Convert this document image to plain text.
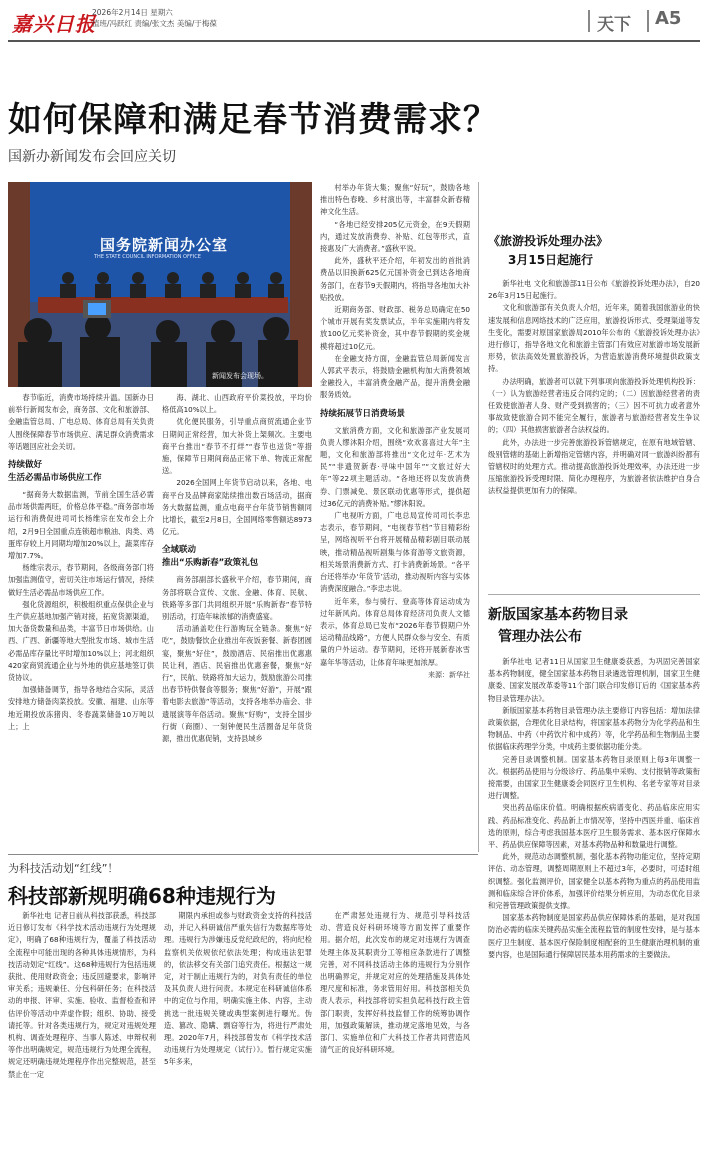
嘉兴日报
2026年2月14日 星期六
值班/冯跃红 责编/张文杰 美编/于梅葆	天下 A5
如何保障和满足春节消费需求？
国新办新闻发布会回应关切
国务院新闻办公室
THE STATE COUNCIL INFORMATION OFFICE
新闻发布会现场。

春节临近，消费市场持续升温。国新办日前举行新闻发布会，商务部、文化和旅游部、金融监管总局、广电总局、体育总局有关负责人围绕保障春节市场供应、满足群众消费需求等话题回应社会关切。

持续做好
生活必需品市场供应工作

“据商务大数据监测，节前全国生活必需品市场供需两旺，价格总体平稳。”商务部市场运行和消费促进司司长杨维宗在发布会上介绍，2月9日全国重点连锁超市粮油、肉类、鸡蛋库存较上月同期均增加20%以上，蔬菜库存增加7.7%。

杨维宗表示，春节期间，各级商务部门将加强监测值守，密切关注市场运行情况，持续做好生活必需品市场供应工作。

强化货源组织，积极组织重点保供企业与生产供应基地加强产销对接，拓宽货源渠道，加大备货数量和品类，丰富节日市场供给。山西、广西、新疆等地大型批发市场、城市生活必需品库存量比平时增加10%以上；河北组织420家商贸流通企业与外地的供应基地签订供货协议。

加强储备调节，指导各地结合实际，灵活安排地方储备肉菜投放。安徽、福建、山东等地近期投放冻猪肉、冬春蔬菜储备10万吨以上；上

海、湖北、山西政府平价菜投放，平均价格低高10%以上。

优化便民服务，引导重点商贸流通企业节日期间正常经营，加大补货上架频次。主要电商平台推出“春节不打烊”“春节也送货”等措施，保障节日期间商品正常下单、物流正常配送。

2026全国网上年货节启动以来，各地、电商平台及品牌商家陆续推出数百场活动，据商务大数据监测，重点电商平台年货节销售额同比增长，截至2月8日，全国网络零售额达8973亿元。

全域联动
推出“乐购新春”政策礼包

商务部副部长盛秋平介绍，春节期间，商务部将联合宣传、文旅、金融、体育、民航、铁路等多部门共同组织开展“乐购新春”春节特别活动，打造年味浓郁的消费盛宴。

活动涵盖吃住行游购玩全链条。聚焦“好吃”，鼓励餐饮企业推出年夜饭套餐、新春团圆宴，聚焦“好住”，鼓励酒店、民宿推出优惠惠民让利，酒店、民宿推出优惠套餐，聚焦“好行”，民航、铁路将加大运力，鼓励旅游公司推出春节特供餐食等服务；聚焦“好游”，开展“跟着电影去旅游”等活动，支持各地举办庙会、非遗展演等年俗活动。聚焦“好购”，支持全国步行街（商圈）、一刻钟便民生活圈备足年货货源，推出优惠促销，支持县域乡

村举办年货大集；聚焦“好玩”，鼓励各地推出特色春晚、乡村演出等，丰富群众新春精神文化生活。

“各地已经安排205亿元资金，在9天假期内，通过发放消费券、补贴、红包等形式，直接惠及广大消费者。”盛秋平说。

此外，盛秋平还介绍，年初发出的首批消费品以旧换新625亿元国补资金已到达各地商务部门，在春节9天假期内，将指导各地加大补贴投放。

近期商务部、财政部、税务总局确定在50个城市开展有奖发票试点，半年实施期内将发放100亿元奖补资金，其中春节假期的奖金规模将超过10亿元。

在金融支持方面，金融监管总局新闻发言人郭武平表示，将鼓励金融机构加大消费领域金融投入，丰富消费金融产品，提升消费金融服务质效。

持续拓展节日消费场景

文旅消费方面，文化和旅游部产业发展司负责人缪沐阳介绍，围绕“欢欢喜喜过大年”主题，文化和旅游部将推出“文化过年·艺术为民”“非遗贺新春·寻味中国年”“文旅过好大年”等22项主题活动。“各地还将以发放消费券、门票减免、景区联动优惠等形式，提供超过36亿元的消费补贴。”缪沐阳说。

广电视听方面，广电总局宣传司司长李忠志表示，春节期间，“电视春节档”节目精彩纷呈，网络视听平台将开展精品精彩剧目联动展映，推动精品视听剧集与体育游等文旅资源，相关场景消费新方式、打卡消费新场景。“各平台还将举办‘年货节’活动，推动视听内容与实体消费深度融合。”李忠志说。

近年来，参与骑行、登高等体育运动成为过年新风尚。体育总局体育经济司负责人文德表示，体育总局已发布“2026年春节假期户外运动精品线路”，方便人民群众参与安全、有质量的户外运动。春节期间，还将开展新春冰雪嘉年华等活动，让体育年味更加浓厚。

来源：新华社
《旅游投诉处理办法》
3月15日起施行

新华社电 文化和旅游部11日公布《旅游投诉处理办法》，自2026年3月15日起施行。

文化和旅游部有关负责人介绍，近年来，随着我国旅游业的快速发展和信息网络技术的广泛应用，旅游投诉形式、受理渠道等发生变化，需要对原国家旅游局2010年公布的《旅游投诉处理办法》进行修订，指导各地文化和旅游主管部门有效应对旅游市场发展新形势，依法高效处置旅游投诉，为营造旅游消费环境提供政策支持。

办法明确，旅游者可以就下列事项向旅游投诉处理机构投诉：（一）认为旅游经营者违反合同约定的；（二）因旅游经营者的责任致使旅游者人身、财产受到损害的；（三）因不可抗力或者意外事故致使旅游合同不能完全履行，旅游者与旅游经营者发生争议的；（四）其他损害旅游者合法权益的。

此外，办法进一步完善旅游投诉管辖规定，在原有地域管辖、级别管辖的基础上新增指定管辖内容，并明确对同一旅游纠纷都有管辖权时的处理方式。推动提高旅游投诉处理效率，办法还进一步压缩旅游投诉受理时限、简化办理程序，为旅游者依法维护自身合法权益提供更加有力的保障。

新版国家基本药物目录
管理办法公布

新华社电 记者11日从国家卫生健康委获悉，为巩固完善国家基本药物制度，健全国家基本药物目录遴选管理机制，国家卫生健康委、国家发展改革委等11个部门联合印发修订后的《国家基本药物目录管理办法》。

新版国家基本药物目录管理办法主要修订内容包括：增加法律政策依据，合理优化目录结构，将国家基本药物分为化学药品和生物制品、中药（中药饮片和中成药）等，化学药品和生物制品主要依据临床药理学分类，中成药主要依据功能分类。

完善目录调整机制。国家基本药物目录原则上每3年调整一次。根据药品使用与分级诊疗、药品集中采购、支付报销等政策衔接需要，由国家卫生健康委会同医疗卫生机构、名老专家等对目录进行调整。

突出药品临床价值。明确根据疾病谱变化、药品临床应用实践、药品标准变化、药品新上市情况等，坚持中西医并重、临床首选的原则，综合考虑我国基本医疗卫生服务需求、基本医疗保障水平、药品供应保障等因素，对基本药物品种和数量进行调整。

此外，规范动态调整机制，强化基本药物功能定位，坚持定期评估、动态管理，调整周期原则上不超过3年，必要时，可适时组织调整。强化监测评价，国家健全以基本药物为重点的药品使用监测和临床综合评价体系，加强评价结果分析应用，为动态优化目录和完善管理政策提供支撑。

国家基本药物制度是国家药品供应保障体系的基础，是对我国防治必需的临床关键药品实施全流程监管的制度性安排，是与基本医疗卫生制度、基本医疗保险制度相配套的卫生健康治理机制的重要内容，也是国际通行保障居民基本用药需求的主要做法。

为科技活动划“红线”！
科技部新规明确68种违规行为

新华社电 记者日前从科技部获悉，科技部近日修订发布《科学技术活动违规行为处理规定》，明确了68种违规行为，覆盖了科技活动全流程中可能出现的各种具体违规情形，为科技活动划定“红线”。这68种违规行为包括违规获批、使用财政资金；违反回避要求，影响评审关系；违规兼任、分包科研任务；在科技活动的申报、评审、实施、验收、监督检查和评估评价等活动中弄虚作假；组织、协助、接受请托等。针对各类违规行为，规定对违规处理机构、调查处理程序、当事人陈述、申辩权利等作出明确规定，规范违规行为处理全流程，规定还明确违规处理程序作出完整规范，甚至禁止在一定

期限内承担或参与财政资金支持的科技活动，并记入科研诚信严重失信行为数据库等处理。违规行为涉嫌违反党纪政纪的，将向纪检监察机关依规依纪依法处理；构成违法犯罪的，依法移交有关部门追究责任。根据这一规定，对于制止违规行为的，对负有责任的单位及其负责人进行问责。本规定在科研诚信体系中的定位与作用，明确实施主体、内容，主动挑选一批违规关键或典型案例进行曝光。伪造、篡改、隐瞒、剽窃等行为，将进行严肃处理。2020年7月，科技部曾发布《科学技术活动违规行为处理规定（试行）》。暂行规定实施5年多来，

在严肃惩处违规行为、规范引导科技活动、营造良好科研环境等方面发挥了重要作用。据介绍，此次发布的规定对违规行为调查处理主体及其职责分工等相应条款进行了调整完善，对不同科技活动主体的违规行为分别作出明确界定，并规定对应的处理措施及具体处理尺度和标准，务求管用好用。科技部相关负责人表示，科技部将切实担负起科技行政主管部门职责，发挥好科技监督工作的统筹协调作用，加强政策解读，推动规定落地见效，与各部门、实施单位和广大科技工作者共同营造风清气正的良好科研环境。
